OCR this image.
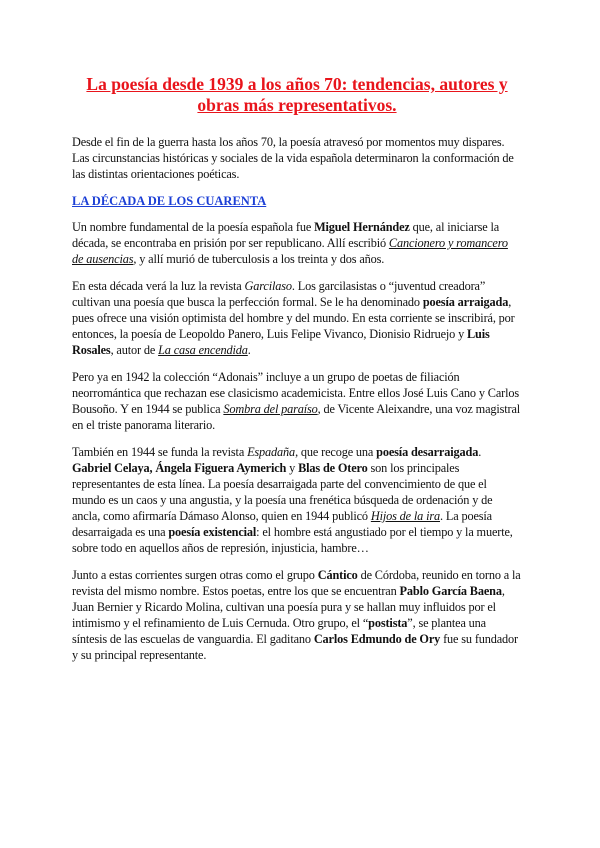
La poesía desde 1939 a los años 70: tendencias, autores y obras más representativos.

Desde el fin de la guerra hasta los años 70, la poesía atravesó por momentos muy dispares. Las circunstancias históricas y sociales de la vida española determinaron la conformación de las distintas orientaciones poéticas.

LA DÉCADA DE LOS CUARENTA

Un nombre fundamental de la poesía española fue Miguel Hernández que, al iniciarse la década, se encontraba en prisión por ser republicano. Allí escribió Cancionero y romancero de ausencias, y allí murió de tuberculosis a los treinta y dos años.

En esta década verá la luz la revista Garcilaso. Los garcilasistas o “juventud creadora” cultivan una poesía que busca la perfección formal. Se le ha denominado poesía arraigada, pues ofrece una visión optimista del hombre y del mundo. En esta corriente se inscribirá, por entonces, la poesía de Leopoldo Panero, Luis Felipe Vivanco, Dionisio Ridruejo y Luis Rosales, autor de La casa encendida.

Pero ya en 1942 la colección “Adonais” incluye a un grupo de poetas de filiación neorromántica que rechazan ese clasicismo academicista. Entre ellos José Luis Cano y Carlos Bousoño. Y en 1944 se publica Sombra del paraíso, de Vicente Aleixandre, una voz magistral en el triste panorama literario.

También en 1944 se funda la revista Espadaña, que recoge una poesía desarraigada. Gabriel Celaya, Ángela Figuera Aymerich y Blas de Otero son los principales representantes de esta línea. La poesía desarraigada parte del convencimiento de que el mundo es un caos y una angustia, y la poesía una frenética búsqueda de ordenación y de ancla, como afirmaría Dámaso Alonso, quien en 1944 publicó Hijos de la ira. La poesía desarraigada es una poesía existencial: el hombre está angustiado por el tiempo y la muerte, sobre todo en aquellos años de represión, injusticia, hambre…

Junto a estas corrientes surgen otras como el grupo Cántico de Córdoba, reunido en torno a la revista del mismo nombre. Estos poetas, entre los que se encuentran Pablo García Baena, Juan Bernier y Ricardo Molina, cultivan una poesía pura y se hallan muy influidos por el intimismo y el refinamiento de Luis Cernuda. Otro grupo, el “postista”, se plantea una síntesis de las escuelas de vanguardia. El gaditano Carlos Edmundo de Ory fue su fundador y su principal representante.
